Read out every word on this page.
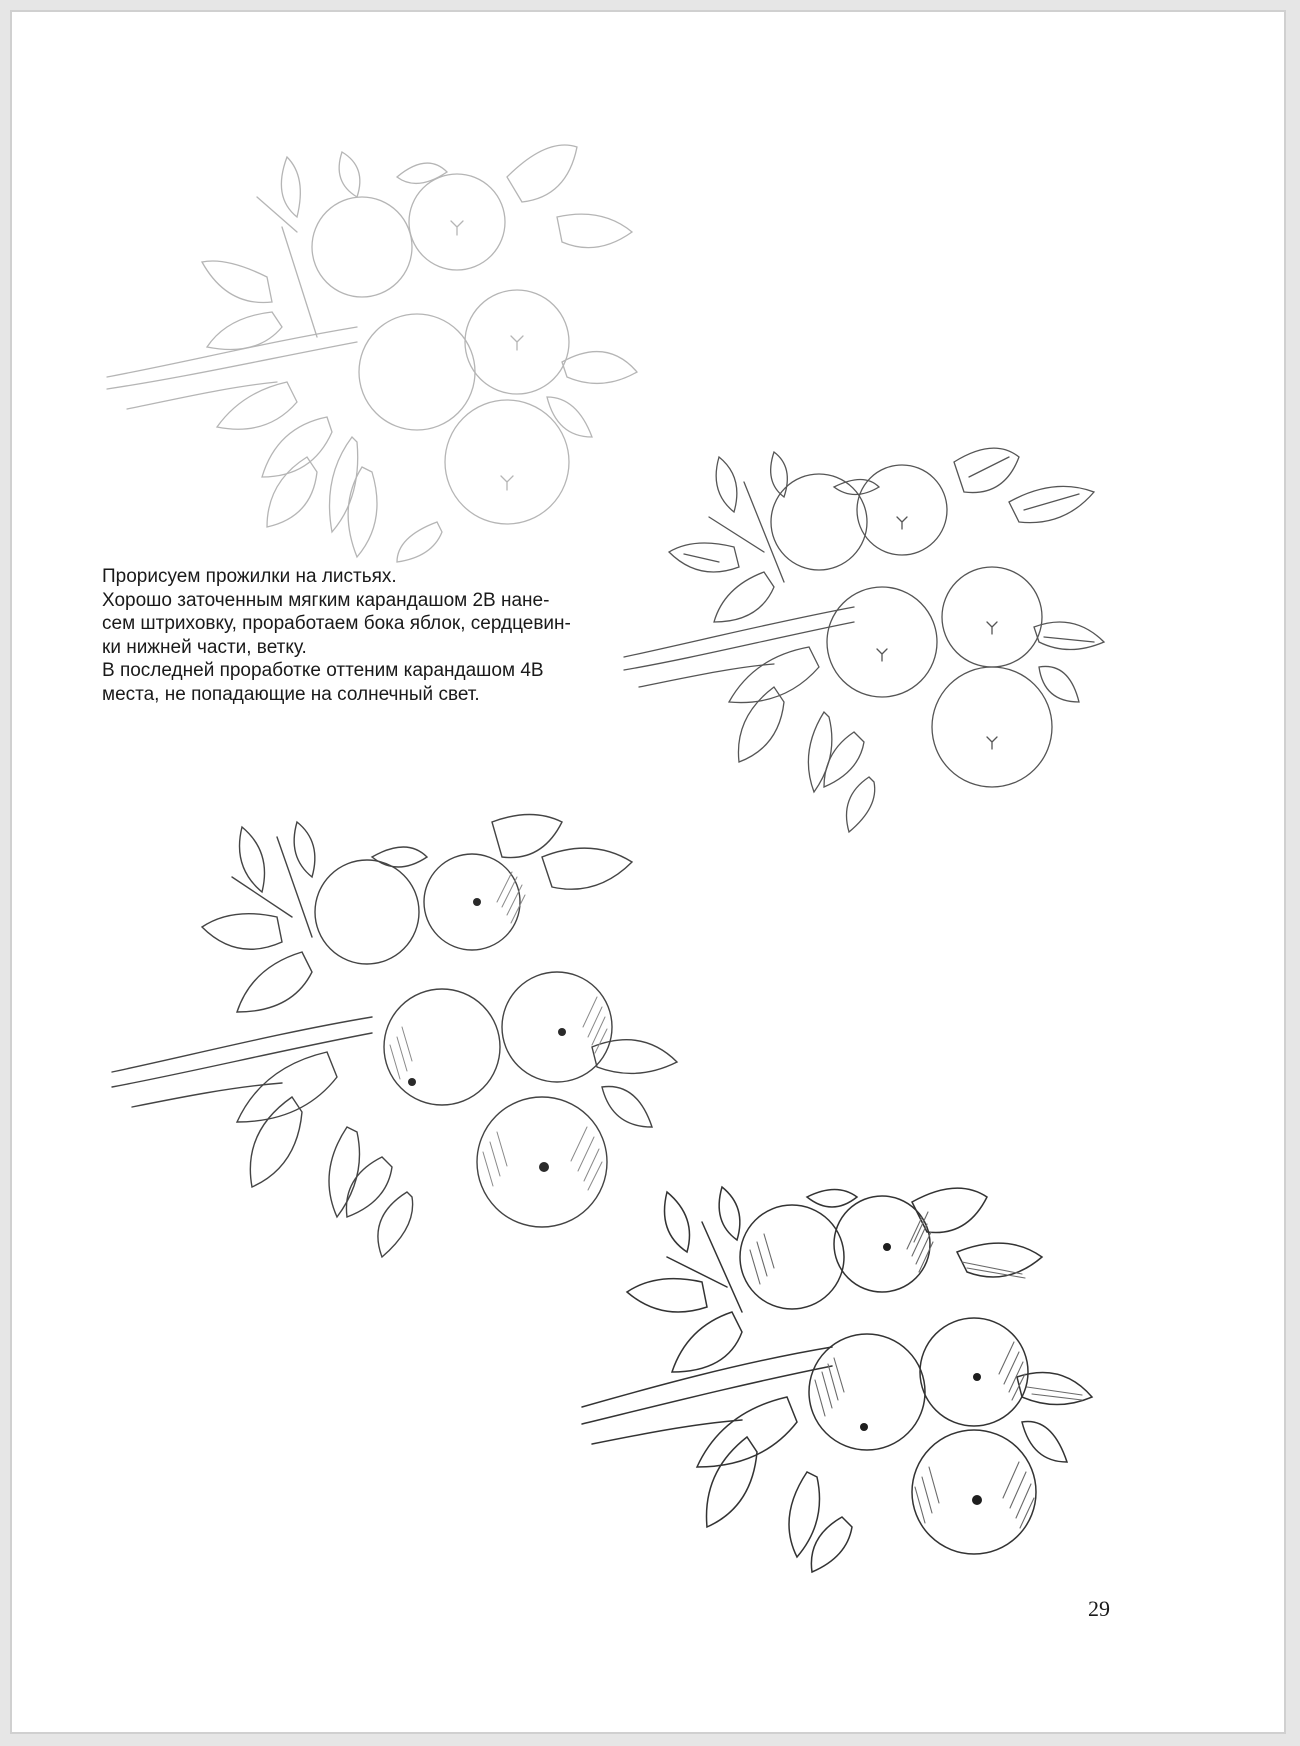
Прорисуем прожилки на листьях.

Хорошо заточенным мягким карандашом 2В нане-

сем штриховку, проработаем бока яблок, сердцевин-

ки нижней части, ветку.

В последней проработке оттеним карандашом 4В

места, не попадающие на солнечный свет.

29
